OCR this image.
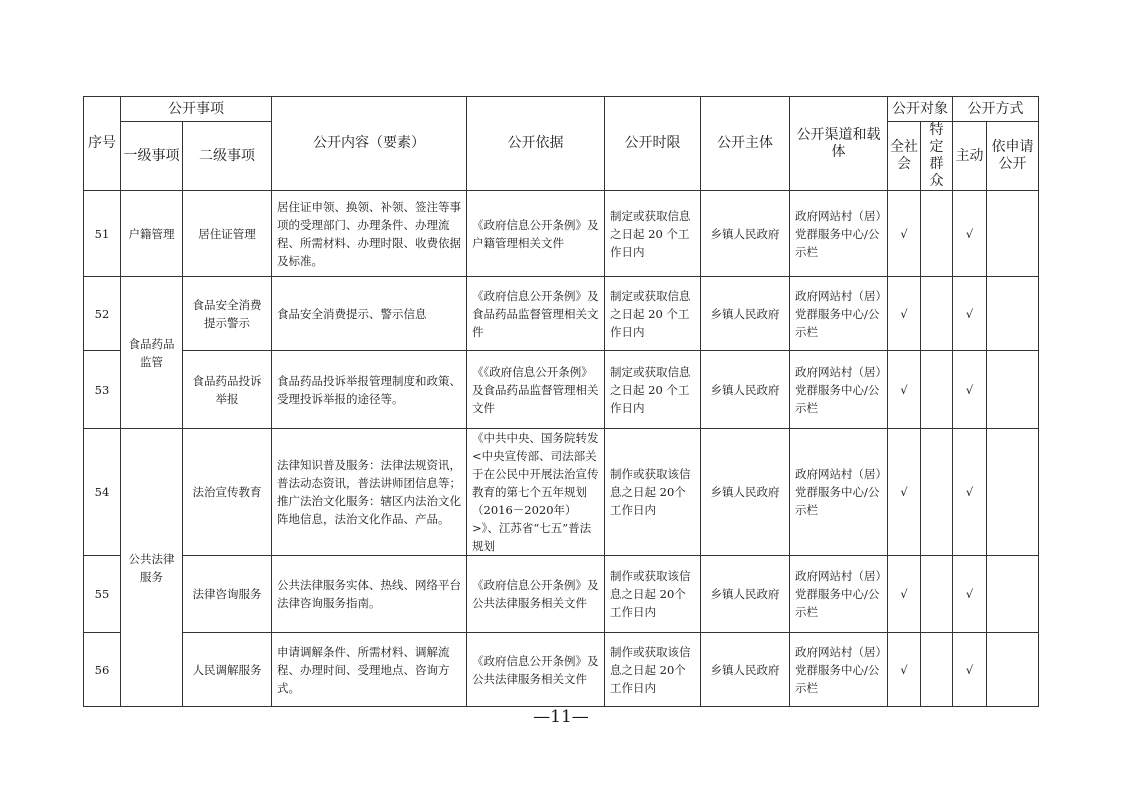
序号	公开事项		公开内容（要素）	公开依据	公开时限	公开主体	公开渠道和载体	公开对象		公开方式	
	一级事项	二级事项						全社会	特定群众	主动	依申请公开
51	户籍管理	居住证管理	居住证申领、换领、补领、签注等事项的受理部门、办理条件、办理流程、所需材料、办理时限、收费依据及标准。	《政府信息公开条例》及户籍管理相关文件	制定或获取信息之日起 20 个工作日内	乡镇人民政府	政府网站村（居）党群服务中心/公示栏	√		√	
52	食品药品监管	食品安全消费提示警示	食品安全消费提示、警示信息	《政府信息公开条例》及食品药品监督管理相关文件	制定或获取信息之日起 20 个工作日内	乡镇人民政府	政府网站村（居）党群服务中心/公示栏	√		√	
53		食品药品投诉举报	食品药品投诉举报管理制度和政策、受理投诉举报的途径等。	《《政府信息公开条例》及食品药品监督管理相关文件	制定或获取信息之日起 20 个工作日内	乡镇人民政府	政府网站村（居）党群服务中心/公示栏	√		√	
54	公共法律服务	法治宣传教育	法律知识普及服务：法律法规资讯，普法动态资讯，普法讲师团信息等；推广法治文化服务：辖区内法治文化阵地信息，法治文化作品、产品。	《中共中央、国务院转发<中央宣传部、司法部关于在公民中开展法治宣传教育的第七个五年规划（2016－2020年）>》、江苏省“七五”普法规划	制作或获取该信息之日起 20个工作日内	乡镇人民政府	政府网站村（居）党群服务中心/公示栏	√		√	
55		法律咨询服务	公共法律服务实体、热线、网络平台法律咨询服务指南。	《政府信息公开条例》及公共法律服务相关文件	制作或获取该信息之日起 20个工作日内	乡镇人民政府	政府网站村（居）党群服务中心/公示栏	√		√	
56		人民调解服务	申请调解条件、所需材料、调解流程、办理时间、受理地点、咨询方式。	《政府信息公开条例》及公共法律服务相关文件	制作或获取该信息之日起 20个工作日内	乡镇人民政府	政府网站村（居）党群服务中心/公示栏	√		√	
—11—
